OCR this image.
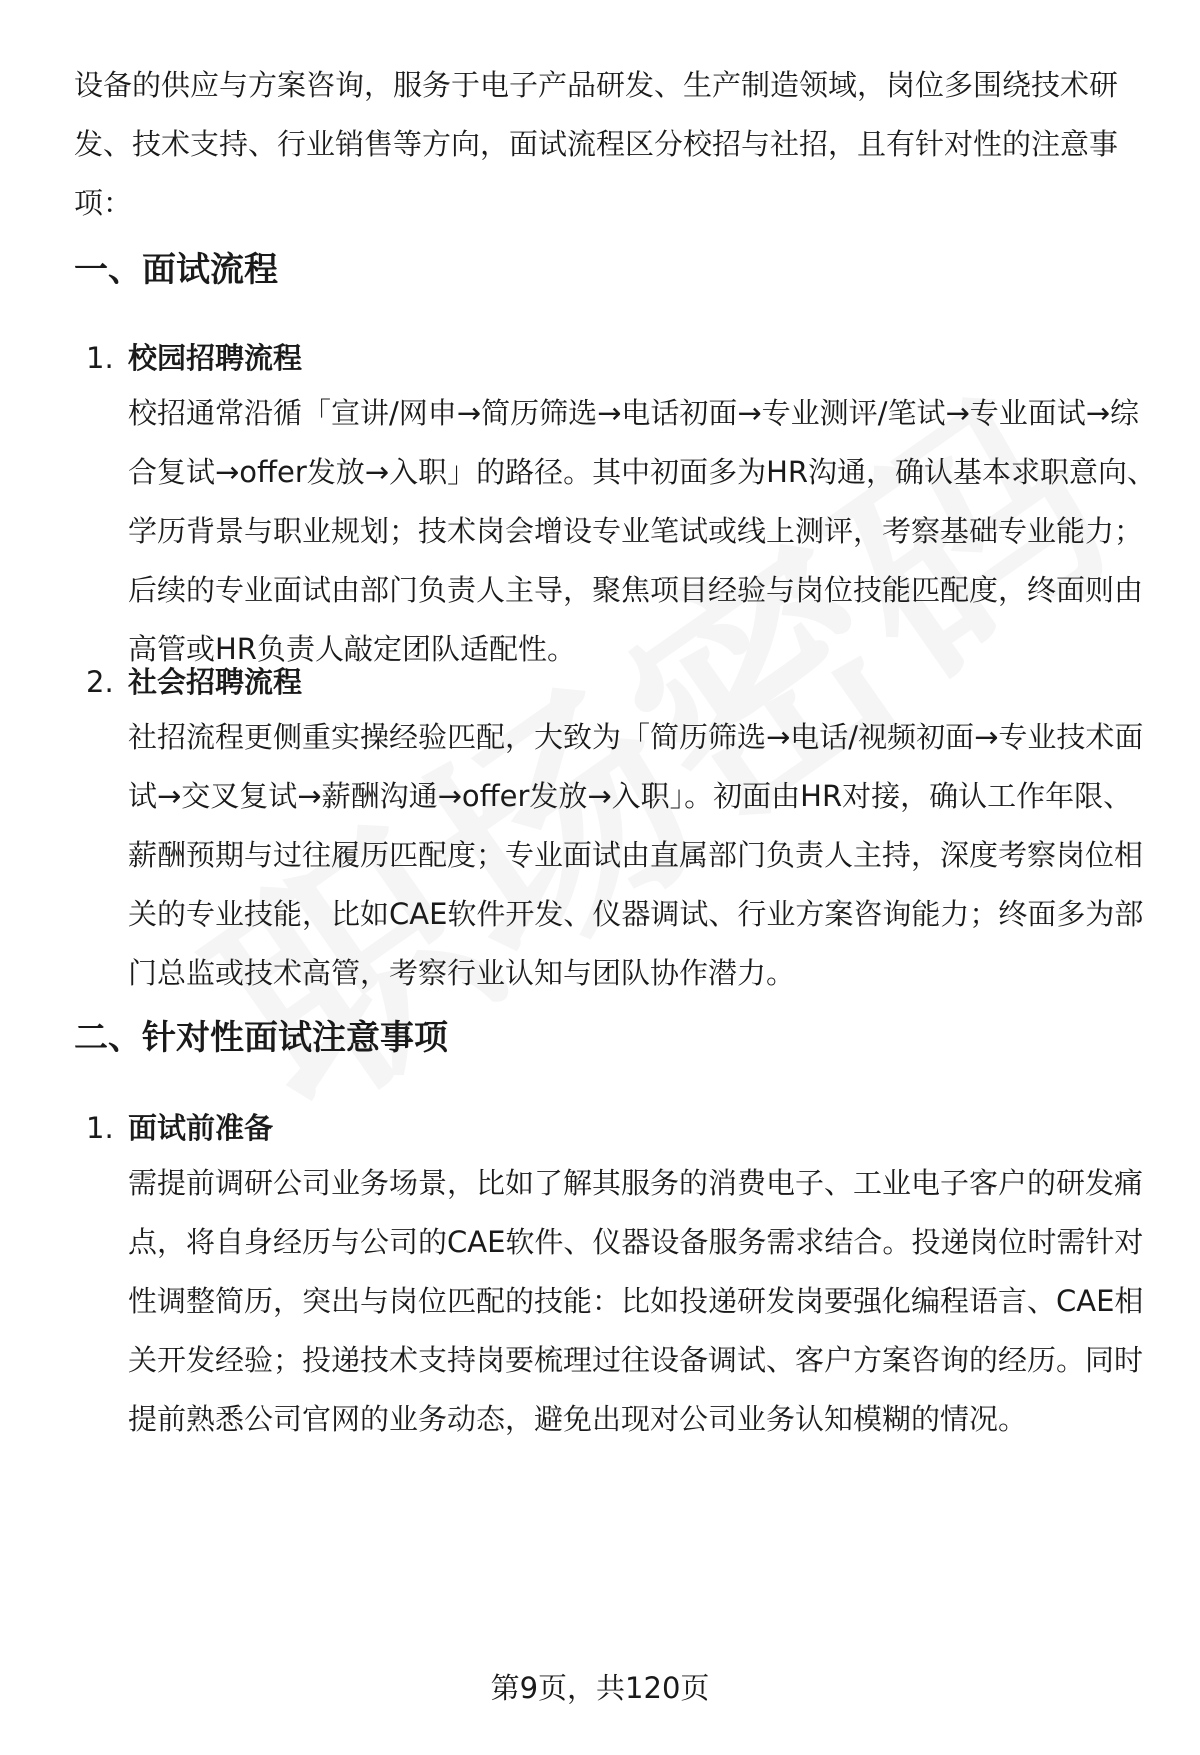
设备的供应与方案咨询，服务于电子产品研发、生产制造领域，岗位多围绕技术研发、技术支持、行业销售等方向，面试流程区分校招与社招，且有针对性的注意事项：

一、面试流程

1. 校园招聘流程

校招通常沿循「宣讲/网申→简历筛选→电话初面→专业测评/笔试→专业面试→综合复试→offer发放→入职」的路径。其中初面多为HR沟通，确认基本求职意向、学历背景与职业规划；技术岗会增设专业笔试或线上测评，考察基础专业能力；后续的专业面试由部门负责人主导，聚焦项目经验与岗位技能匹配度，终面则由高管或HR负责人敲定团队适配性。

2. 社会招聘流程

社招流程更侧重实操经验匹配，大致为「简历筛选→电话/视频初面→专业技术面试→交叉复试→薪酬沟通→offer发放→入职」。初面由HR对接，确认工作年限、薪酬预期与过往履历匹配度；专业面试由直属部门负责人主持，深度考察岗位相关的专业技能，比如CAE软件开发、仪器调试、行业方案咨询能力；终面多为部门总监或技术高管，考察行业认知与团队协作潜力。

二、针对性面试注意事项

1. 面试前准备

需提前调研公司业务场景，比如了解其服务的消费电子、工业电子客户的研发痛点，将自身经历与公司的CAE软件、仪器设备服务需求结合。投递岗位时需针对性调整简历，突出与岗位匹配的技能：比如投递研发岗要强化编程语言、CAE相关开发经验；投递技术支持岗要梳理过往设备调试、客户方案咨询的经历。同时提前熟悉公司官网的业务动态，避免出现对公司业务认知模糊的情况。

第9页，共120页
